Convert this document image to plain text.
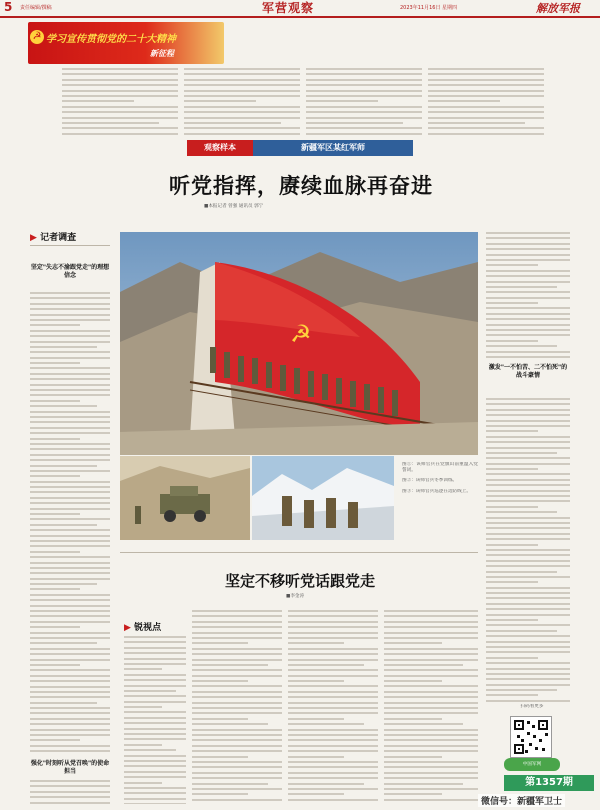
5 责任编辑/撰稿	军营观察	2023年11月16日 星期四	解放军报
☭ 学习宣传贯彻党的二十大精神
新征程
观察样本	新疆军区某红军师
听党指挥，赓续血脉再奋进
■本报记者 曾强 通讯员 郭宁
▶ 记者调查
坚定"失志不渝跟党走"的理想信念
强化"时刻听从党召唤"的使命担当
☭
图①：该师官兵在党旗山前重温入党誓词。
图②：该师官兵冬季训练。
图③：该师官兵巡逻在边防线上。
激发"一不怕苦、二不怕死"的战斗豪情
坚定不移听党话跟党走
■李金涛
▶ 锐视点
扫码看更多
中国军网
第1357期
微信号：新疆军卫士
